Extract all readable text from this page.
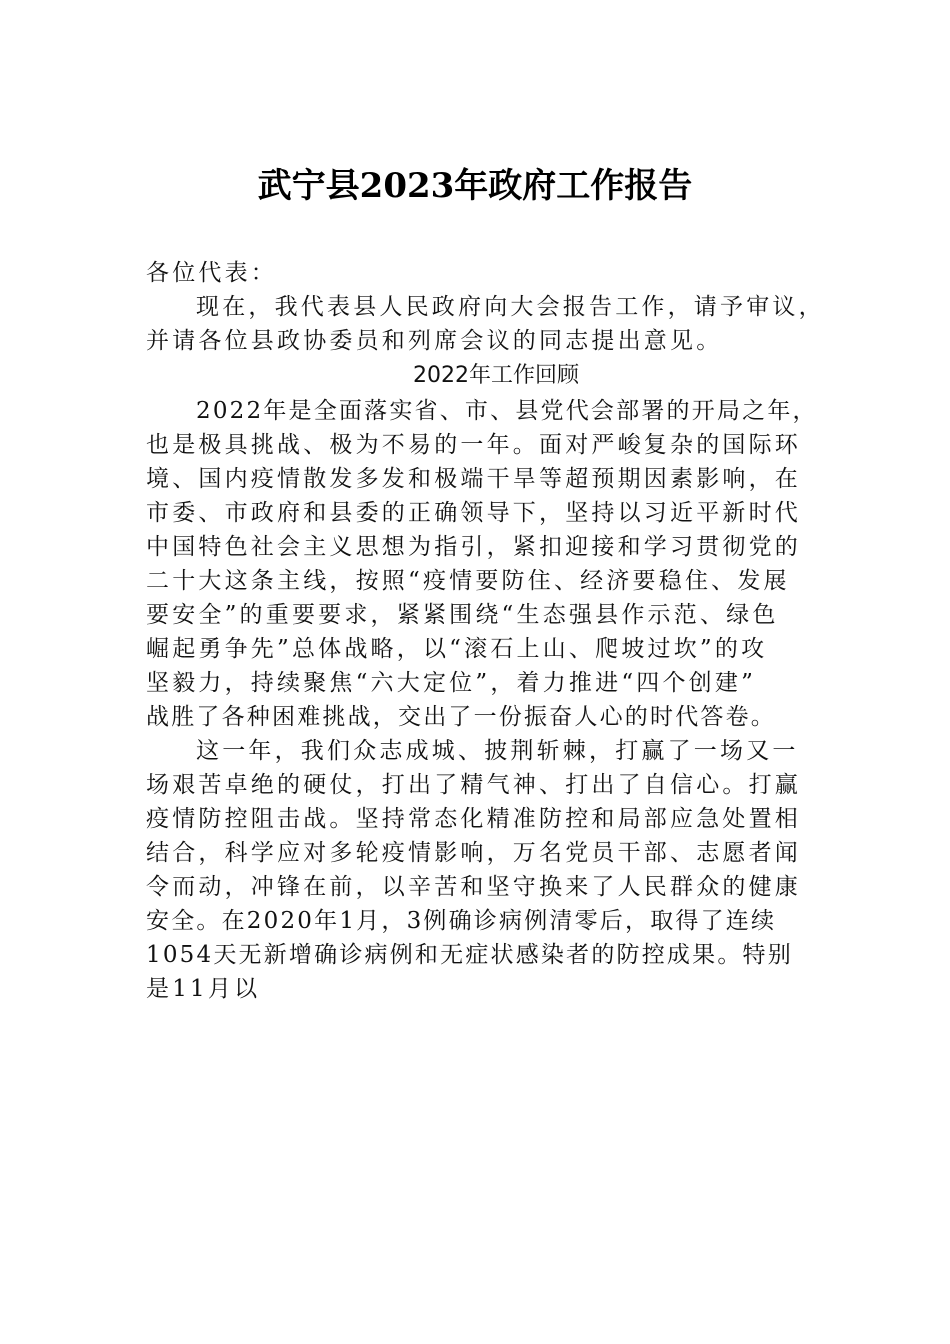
武宁县2023年政府工作报告
各位代表：
现在，我代表县人民政府向大会报告工作，请予审议，
并请各位县政协委员和列席会议的同志提出意见。
2022年工作回顾
2022年是全面落实省、市、县党代会部署的开局之年，
也是极具挑战、极为不易的一年。面对严峻复杂的国际环
境、国内疫情散发多发和极端干旱等超预期因素影响，在
市委、市政府和县委的正确领导下，坚持以习近平新时代
中国特色社会主义思想为指引，紧扣迎接和学习贯彻党的
二十大这条主线，按照“疫情要防住、经济要稳住、发展
要安全”的重要要求，紧紧围绕“生态强县作示范、绿色
崛起勇争先”总体战略，以“滚石上山、爬坡过坎”的攻
坚毅力，持续聚焦“六大定位”，着力推进“四个创建”
战胜了各种困难挑战，交出了一份振奋人心的时代答卷。
这一年，我们众志成城、披荆斩棘，打赢了一场又一
场艰苦卓绝的硬仗，打出了精气神、打出了自信心。打赢
疫情防控阻击战。坚持常态化精准防控和局部应急处置相
结合，科学应对多轮疫情影响，万名党员干部、志愿者闻
令而动，冲锋在前，以辛苦和坚守换来了人民群众的健康
安全。在2020年1月，3例确诊病例清零后，取得了连续
1054天无新增确诊病例和无症状感染者的防控成果。特别
是11月以
